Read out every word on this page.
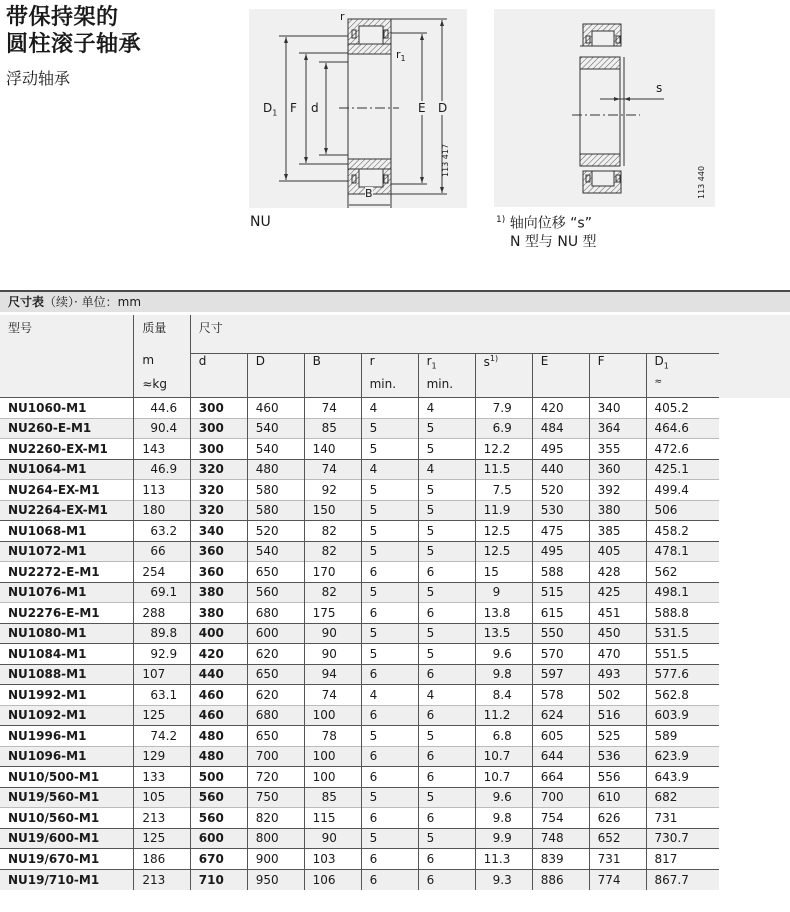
带保持架的
圆柱滚子轴承
浮动轴承
r
$r_1$
$D_1$ F d	E D
B
113 417
NU
s
113 440
$^{1)}$ 轴向位移 “s”
N 型与 NU 型
尺寸表（续）· 单位：mm
型号	质量	尺寸									
	m	d	D	B	r	$r_1$	$s^{1)}$	E	F	$D_1$	
	≈kg				min.	min.				≈	
NU1060-M1	44.6	300	460	74	4	4	7.9	420	340	405.2	
NU260-E-M1	90.4	300	540	85	5	5	6.9	484	364	464.6	
NU2260-EX-M1	143	300	540	140	5	5	12.2	495	355	472.6	
NU1064-M1	46.9	320	480	74	4	4	11.5	440	360	425.1	
NU264-EX-M1	113	320	580	92	5	5	7.5	520	392	499.4	
NU2264-EX-M1	180	320	580	150	5	5	11.9	530	380	506	
NU1068-M1	63.2	340	520	82	5	5	12.5	475	385	458.2	
NU1072-M1	66	360	540	82	5	5	12.5	495	405	478.1	
NU2272-E-M1	254	360	650	170	6	6	15	588	428	562	
NU1076-M1	69.1	380	560	82	5	5	9	515	425	498.1	
NU2276-E-M1	288	380	680	175	6	6	13.8	615	451	588.8	
NU1080-M1	89.8	400	600	90	5	5	13.5	550	450	531.5	
NU1084-M1	92.9	420	620	90	5	5	9.6	570	470	551.5	
NU1088-M1	107	440	650	94	6	6	9.8	597	493	577.6	
NU1992-M1	63.1	460	620	74	4	4	8.4	578	502	562.8	
NU1092-M1	125	460	680	100	6	6	11.2	624	516	603.9	
NU1996-M1	74.2	480	650	78	5	5	6.8	605	525	589	
NU1096-M1	129	480	700	100	6	6	10.7	644	536	623.9	
NU10/500-M1	133	500	720	100	6	6	10.7	664	556	643.9	
NU19/560-M1	105	560	750	85	5	5	9.6	700	610	682	
NU10/560-M1	213	560	820	115	6	6	9.8	754	626	731	
NU19/600-M1	125	600	800	90	5	5	9.9	748	652	730.7	
NU19/670-M1	186	670	900	103	6	6	11.3	839	731	817	
NU19/710-M1	213	710	950	106	6	6	9.3	886	774	867.7	
